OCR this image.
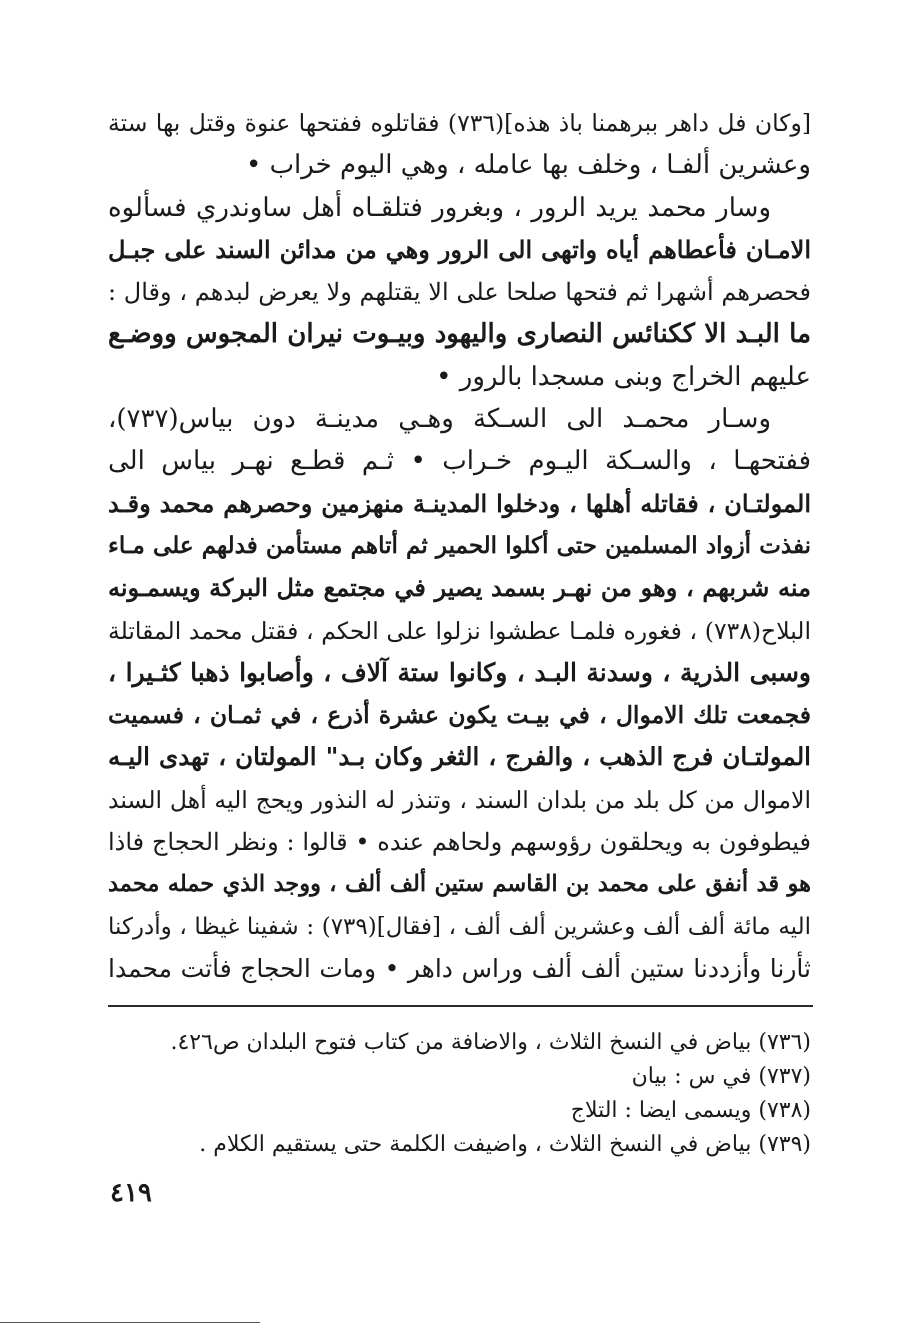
[وكان فل داهر ببرهمنا باذ هذه](٧٣٦) فقاتلوه ففتحها عنوة وقتل بها ستة
وعشرين ألفـا ، وخلف بها عامله ، وهي اليوم خراب •
وسار محمد يريد الرور ، وبغرور فتلقـاه أهل ساوندري فسألوه
الامـان فأعطاهم أياه واتهى الى الرور وهي من مدائن السند على جبـل
فحصرهم أشهرا ثم فتحها صلحا على الا يقتلهم ولا يعرض لبدهم ، وقال :
ما البـد الا ككنائس النصارى واليهود وبيـوت نيران المجوس ووضـع
عليهم الخراج وبنى مسجدا بالرور •
وسـار محمـد الى السـكة وهـي مدينـة دون بياس(٧٣٧)،
ففتحهـا ، والسـكة اليـوم خـراب • ثـم قطـع نهـر بياس الى
المولتـان ، فقاتله أهلها ، ودخلوا المدينـة منهزمين وحصرهم محمد وقـد
نفذت أزواد المسلمين حتى أكلوا الحمير ثم أتاهم مستأمن فدلهم على مـاء
منه شربهم ، وهو من نهـر بسمد يصير في مجتمع مثل البركة ويسمـونه
البلاح(٧٣٨) ، فغوره فلمـا عطشوا نزلوا على الحكم ، فقتل محمد المقاتلة
وسبى الذرية ، وسدنة البـد ، وكانوا ستة آلاف ، وأصابوا ذهبا كثـيرا ،
فجمعت تلك الاموال ، في بيـت يكون عشرة أذرع ، في ثمـان ، فسميت
المولتـان فرج الذهب ، والفرج ، الثغر وكان بـد" المولتان ، تهدى اليـه
الاموال من كل بلد من بلدان السند ، وتنذر له النذور ويحج اليه أهل السند
فيطوفون به ويحلقون رؤوسهم ولحاهم عنده • قالوا : ونظر الحجاج فاذا
هو قد أنفق على محمد بن القاسم ستين ألف ألف ، ووجد الذي حمله محمد
اليه مائة ألف ألف وعشرين ألف ألف ، [فقال](٧٣٩) : شفينا غيظا ، وأدركنا
ثأرنا وأزددنا ستين ألف ألف وراس داهر • ومات الحجاج فأتت محمدا
(٧٣٦) بياض في النسخ الثلاث ، والاضافة من كتاب فتوح البلدان ص٤٢٦.
(٧٣٧) في س : بيان
(٧٣٨) ويسمى ايضا : التلاج
(٧٣٩) بياض في النسخ الثلاث ، واضيفت الكلمة حتى يستقيم الكلام .
٤١٩
